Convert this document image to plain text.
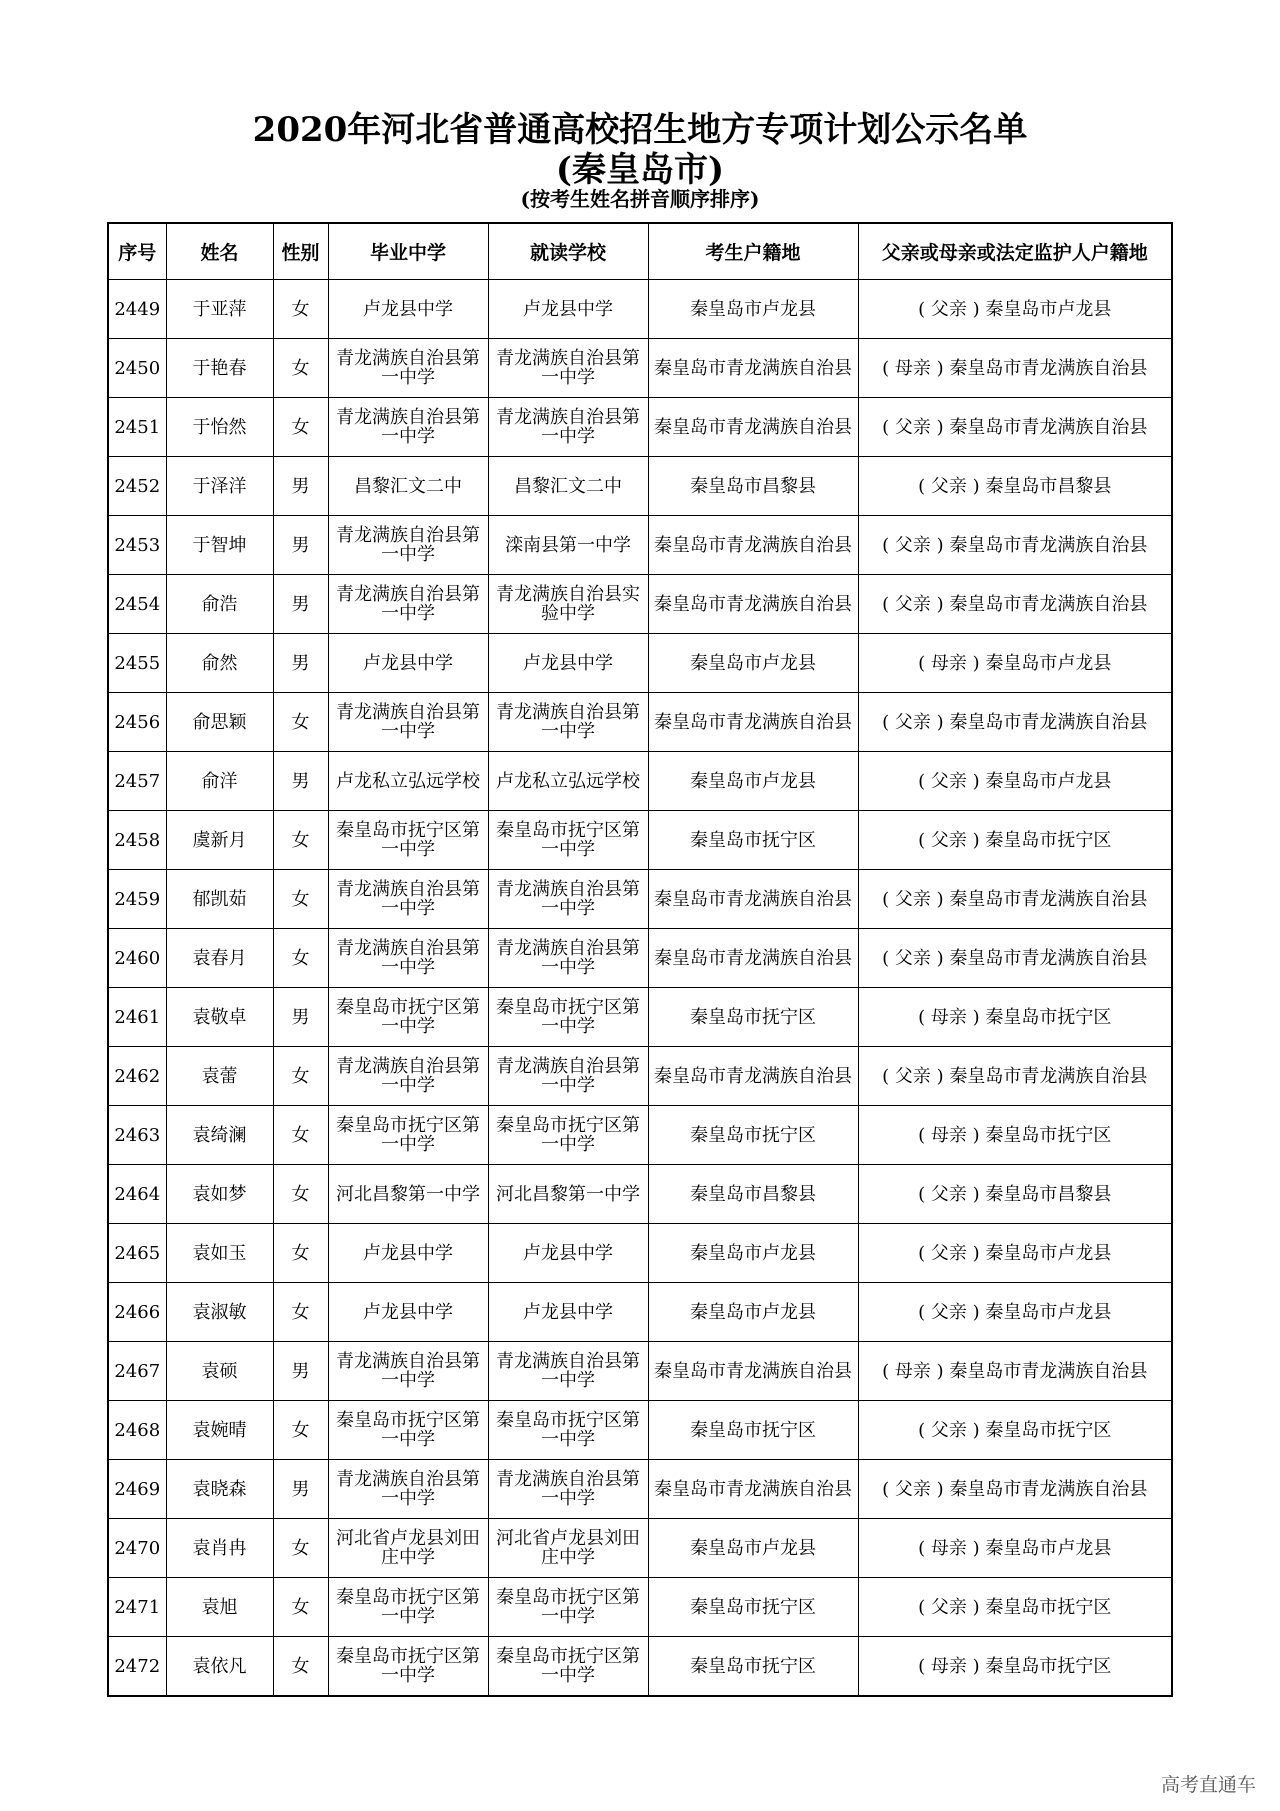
2020年河北省普通高校招生地方专项计划公示名单
(秦皇岛市)
(按考生姓名拼音顺序排序)
序号	姓名	性别	毕业中学	就读学校	考生户籍地	父亲或母亲或法定监护人户籍地
2449	于亚萍	女	卢龙县中学	卢龙县中学	秦皇岛市卢龙县	( 父亲 ) 秦皇岛市卢龙县
2450	于艳春	女	青龙满族自治县第一中学	青龙满族自治县第一中学	秦皇岛市青龙满族自治县	( 母亲 ) 秦皇岛市青龙满族自治县
2451	于怡然	女	青龙满族自治县第一中学	青龙满族自治县第一中学	秦皇岛市青龙满族自治县	( 父亲 ) 秦皇岛市青龙满族自治县
2452	于泽洋	男	昌黎汇文二中	昌黎汇文二中	秦皇岛市昌黎县	( 父亲 ) 秦皇岛市昌黎县
2453	于智坤	男	青龙满族自治县第一中学	滦南县第一中学	秦皇岛市青龙满族自治县	( 父亲 ) 秦皇岛市青龙满族自治县
2454	俞浩	男	青龙满族自治县第一中学	青龙满族自治县实验中学	秦皇岛市青龙满族自治县	( 父亲 ) 秦皇岛市青龙满族自治县
2455	俞然	男	卢龙县中学	卢龙县中学	秦皇岛市卢龙县	( 母亲 ) 秦皇岛市卢龙县
2456	俞思颖	女	青龙满族自治县第一中学	青龙满族自治县第一中学	秦皇岛市青龙满族自治县	( 父亲 ) 秦皇岛市青龙满族自治县
2457	俞洋	男	卢龙私立弘远学校	卢龙私立弘远学校	秦皇岛市卢龙县	( 父亲 ) 秦皇岛市卢龙县
2458	虞新月	女	秦皇岛市抚宁区第一中学	秦皇岛市抚宁区第一中学	秦皇岛市抚宁区	( 父亲 ) 秦皇岛市抚宁区
2459	郁凯茹	女	青龙满族自治县第一中学	青龙满族自治县第一中学	秦皇岛市青龙满族自治县	( 父亲 ) 秦皇岛市青龙满族自治县
2460	袁春月	女	青龙满族自治县第一中学	青龙满族自治县第一中学	秦皇岛市青龙满族自治县	( 父亲 ) 秦皇岛市青龙满族自治县
2461	袁敬卓	男	秦皇岛市抚宁区第一中学	秦皇岛市抚宁区第一中学	秦皇岛市抚宁区	( 母亲 ) 秦皇岛市抚宁区
2462	袁蕾	女	青龙满族自治县第一中学	青龙满族自治县第一中学	秦皇岛市青龙满族自治县	( 父亲 ) 秦皇岛市青龙满族自治县
2463	袁绮澜	女	秦皇岛市抚宁区第一中学	秦皇岛市抚宁区第一中学	秦皇岛市抚宁区	( 母亲 ) 秦皇岛市抚宁区
2464	袁如梦	女	河北昌黎第一中学	河北昌黎第一中学	秦皇岛市昌黎县	( 父亲 ) 秦皇岛市昌黎县
2465	袁如玉	女	卢龙县中学	卢龙县中学	秦皇岛市卢龙县	( 父亲 ) 秦皇岛市卢龙县
2466	袁淑敏	女	卢龙县中学	卢龙县中学	秦皇岛市卢龙县	( 父亲 ) 秦皇岛市卢龙县
2467	袁硕	男	青龙满族自治县第一中学	青龙满族自治县第一中学	秦皇岛市青龙满族自治县	( 母亲 ) 秦皇岛市青龙满族自治县
2468	袁婉晴	女	秦皇岛市抚宁区第一中学	秦皇岛市抚宁区第一中学	秦皇岛市抚宁区	( 父亲 ) 秦皇岛市抚宁区
2469	袁晓森	男	青龙满族自治县第一中学	青龙满族自治县第一中学	秦皇岛市青龙满族自治县	( 父亲 ) 秦皇岛市青龙满族自治县
2470	袁肖冉	女	河北省卢龙县刘田庄中学	河北省卢龙县刘田庄中学	秦皇岛市卢龙县	( 母亲 ) 秦皇岛市卢龙县
2471	袁旭	女	秦皇岛市抚宁区第一中学	秦皇岛市抚宁区第一中学	秦皇岛市抚宁区	( 父亲 ) 秦皇岛市抚宁区
2472	袁依凡	女	秦皇岛市抚宁区第一中学	秦皇岛市抚宁区第一中学	秦皇岛市抚宁区	( 母亲 ) 秦皇岛市抚宁区
高考直通车
